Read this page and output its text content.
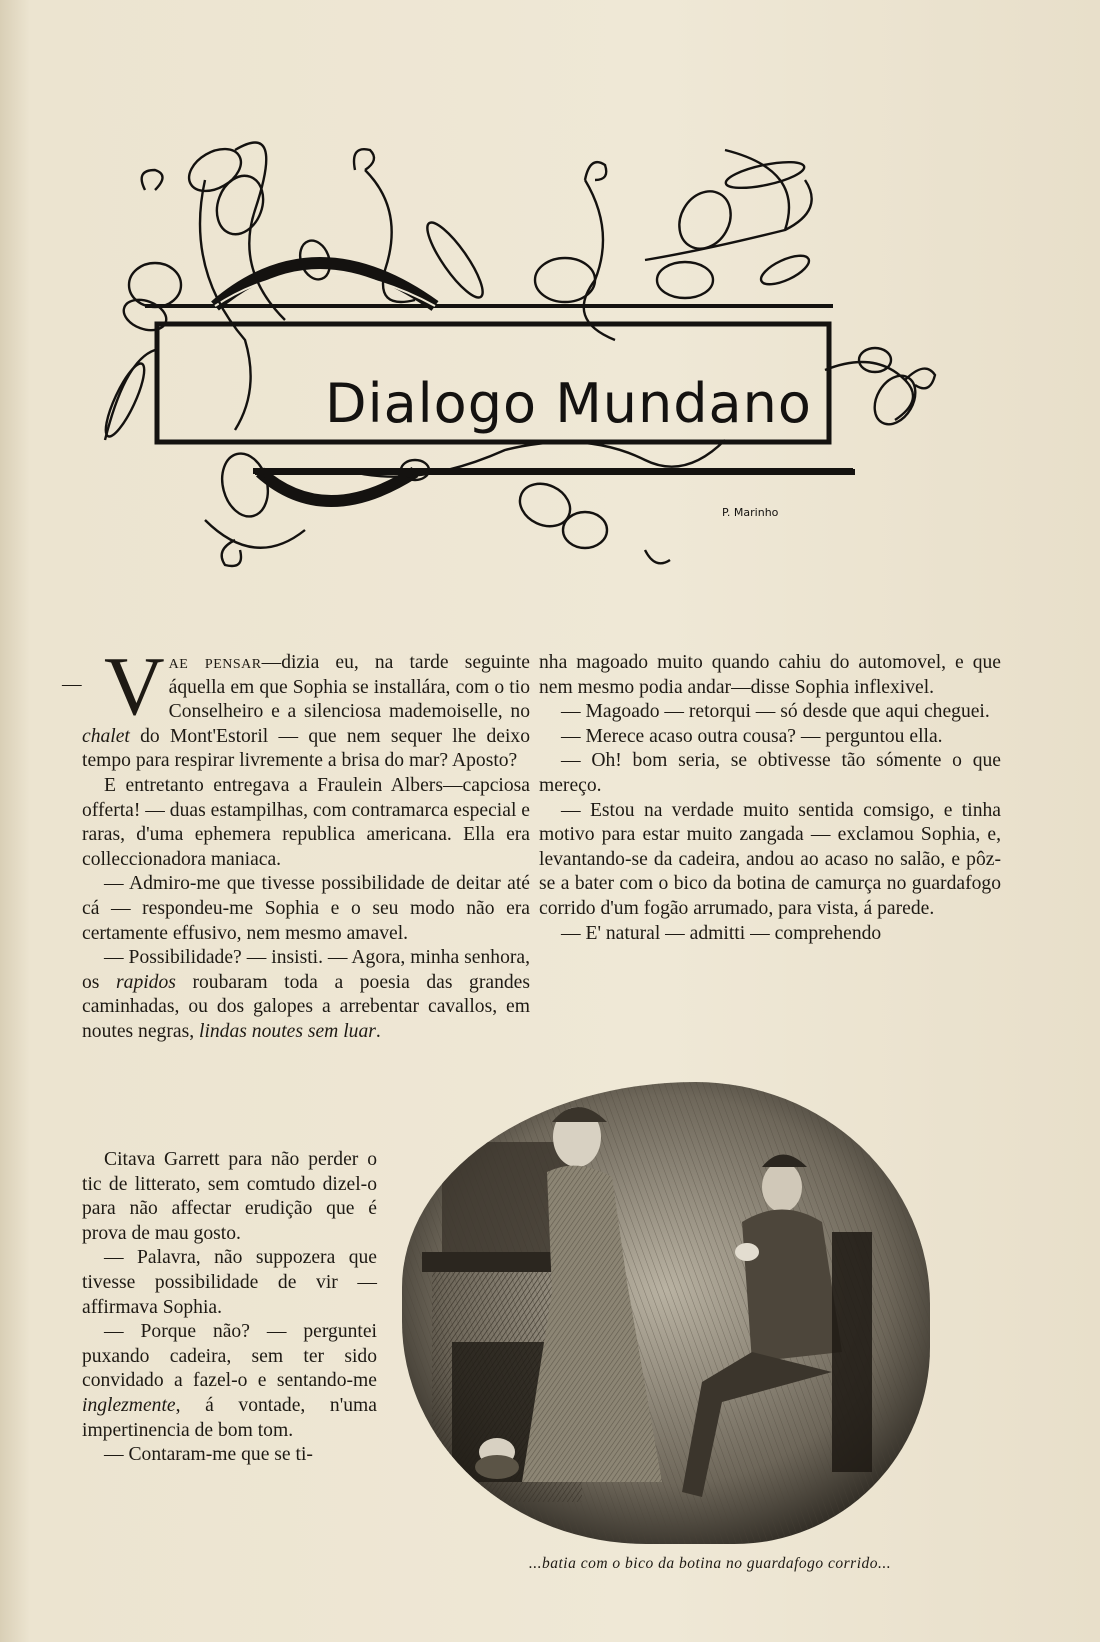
Dialogo Mundano
P. Marinho

— V ae pensar—dizia eu, na tarde seguinte áquella em que Sophia se installára, com o tio Conselheiro e a silenciosa mademoiselle, no chalet do Mont'Estoril — que nem sequer lhe deixo tempo para respirar livremente a brisa do mar? Aposto?

E entretanto entregava a Fraulein Albers—capciosa offerta! — duas estampilhas, com contramarca especial e raras, d'uma ephemera republica americana. Ella era colleccionadora maniaca.

— Admiro-me que tivesse possibilidade de deitar até cá — respondeu-me Sophia e o seu modo não era certamente effusivo, nem mesmo amavel.

— Possibilidade? — insisti. — Agora, minha senhora, os rapidos roubaram toda a poesia das grandes caminhadas, ou dos galopes a arrebentar cavallos, em noutes negras, lindas noutes sem luar.

Citava Garrett para não perder o tic de litterato, sem comtudo dizel-o para não affectar erudição que é prova de mau gosto.

— Palavra, não suppozera que tivesse possibilidade de vir — affirmava Sophia.

— Porque não? — perguntei puxando cadeira, sem ter sido convidado a fazel-o e sentando-me inglezmente, á vontade, n'uma impertinencia de bom tom.

— Contaram-me que se ti-

nha magoado muito quando cahiu do automovel, e que nem mesmo podia andar—disse Sophia inflexivel.

— Magoado — retorqui — só desde que aqui cheguei.

— Merece acaso outra cousa? — perguntou ella.

— Oh! bom seria, se obtivesse tão sómente o que mereço.

— Estou na verdade muito sentida comsigo, e tinha motivo para estar muito zangada — exclamou Sophia, e, levantando-se da cadeira, andou ao acaso no salão, e pôz-se a bater com o bico da botina de camurça no guardafogo corrido d'um fogão arrumado, para vista, á parede.

— E' natural — admitti — comprehendo

...batia com o bico da botina no guardafogo corrido...
